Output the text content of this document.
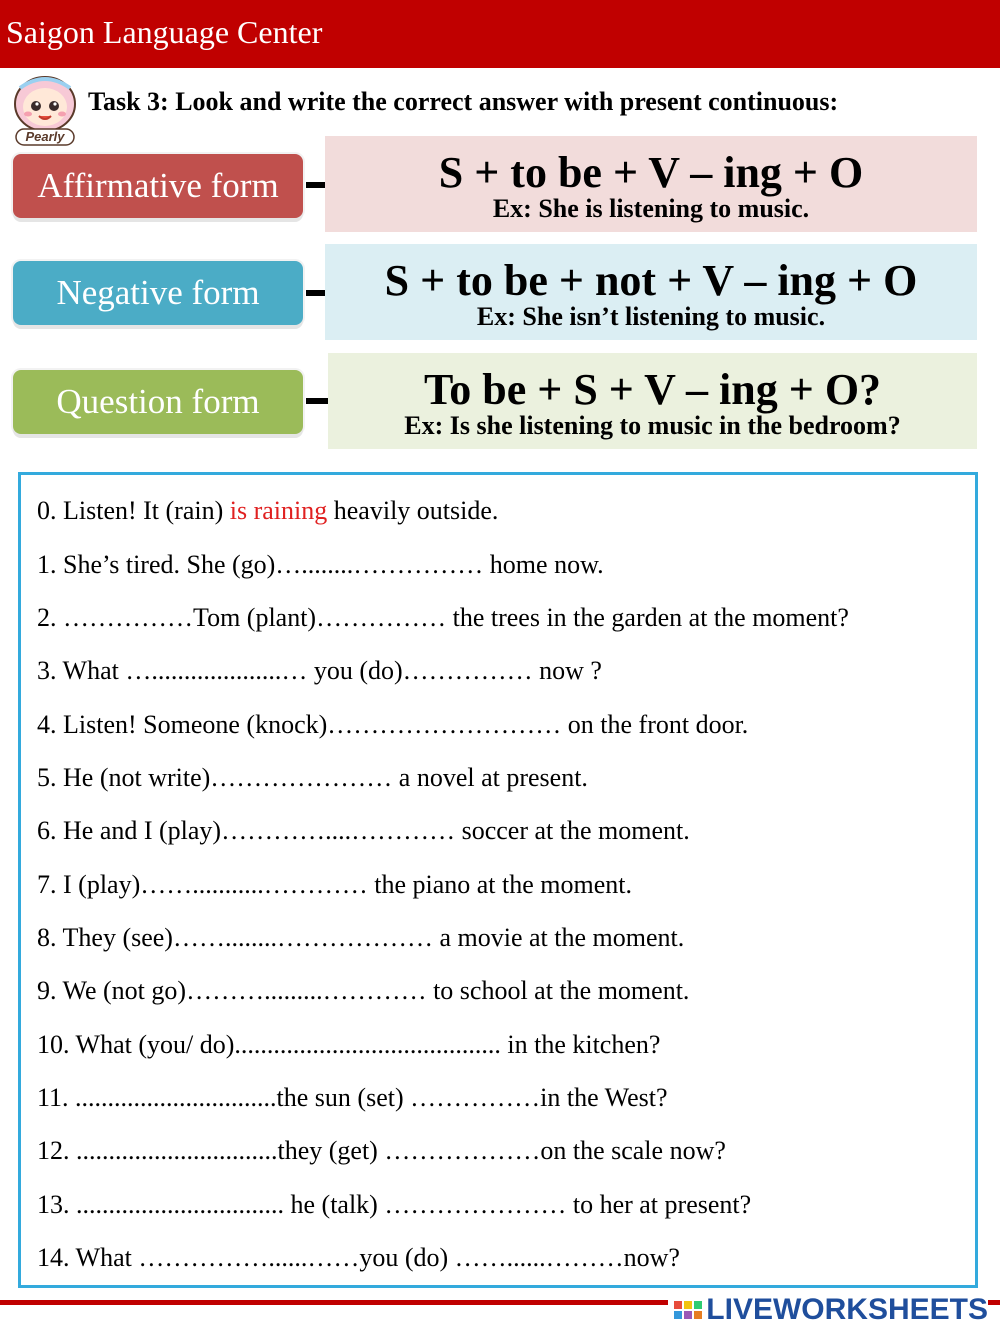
Saigon Language Center
Pearly
Task 3: Look and write the correct answer with present continuous:
Affirmative form	S + to be + V – ing + O
Ex: She is listening to music.
Negative form	S + to be + not + V – ing + O
Ex: She isn’t listening to music.
Question form	To be + S + V – ing + O?
Ex: Is she listening to music in the bedroom?
0. Listen! It (rain) is raining heavily outside.
1. She’s tired. She (go)…........…………… home now.
2. ……………Tom (plant)…………… the trees in the garden at the moment?
3. What …....................… you (do)…………… now ?
4. Listen! Someone (knock)……………………… on the front door.
5. He (not write)………………… a novel at present.
6. He and I (play)…………....………… soccer at the moment.
7. I (play)……...........………… the piano at the moment.
8. They (see)……........……………… a movie at the moment.
9. We (not go)……….........………… to school at the moment.
10. What (you/ do)......................................... in the kitchen?
11. ...............................the sun (set) ……………in the West?
12. ...............................they (get) ………………on the scale now?
13. ................................ he (talk) ………………… to her at present?
14. What ……………......……you (do) ……......………now?
LIVEWORKSHEETS
